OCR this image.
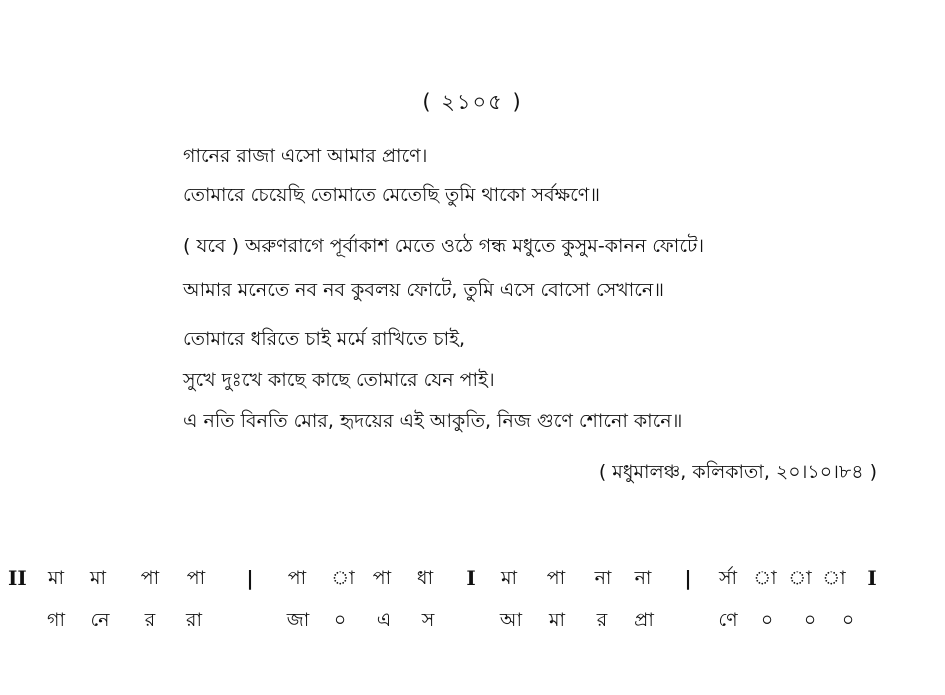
( ২১০৫ )
গানের রাজা এসো আমার প্রাণে।
তোমারে চেয়েছি তোমাতে মেতেছি তুমি থাকো সর্বক্ষণে॥
( যবে ) অরুণরাগে পূর্বাকাশ মেতে ওঠে গন্ধ মধুতে কুসুম-কানন ফোটে।
আমার মনেতে নব নব কুবলয় ফোটে, তুমি এসে বোসো সেখানে॥
তোমারে ধরিতে চাই মর্মে রাখিতে চাই,
সুখে দুঃখে কাছে কাছে তোমারে যেন পাই।
এ নতি বিনতি মোর, হৃদয়ের এই আকুতি, নিজ গুণে শোনো কানে॥
( মধুমালঞ্চ, কলিকাতা, ২০।১০।৮৪ )
II মা মা পা পা | পা া পা ধা I মা পা না না | র্সা া া া I
গা নে র রা	জা ০ এ স	আ মা র প্রা	ণে ০ ০ ০
